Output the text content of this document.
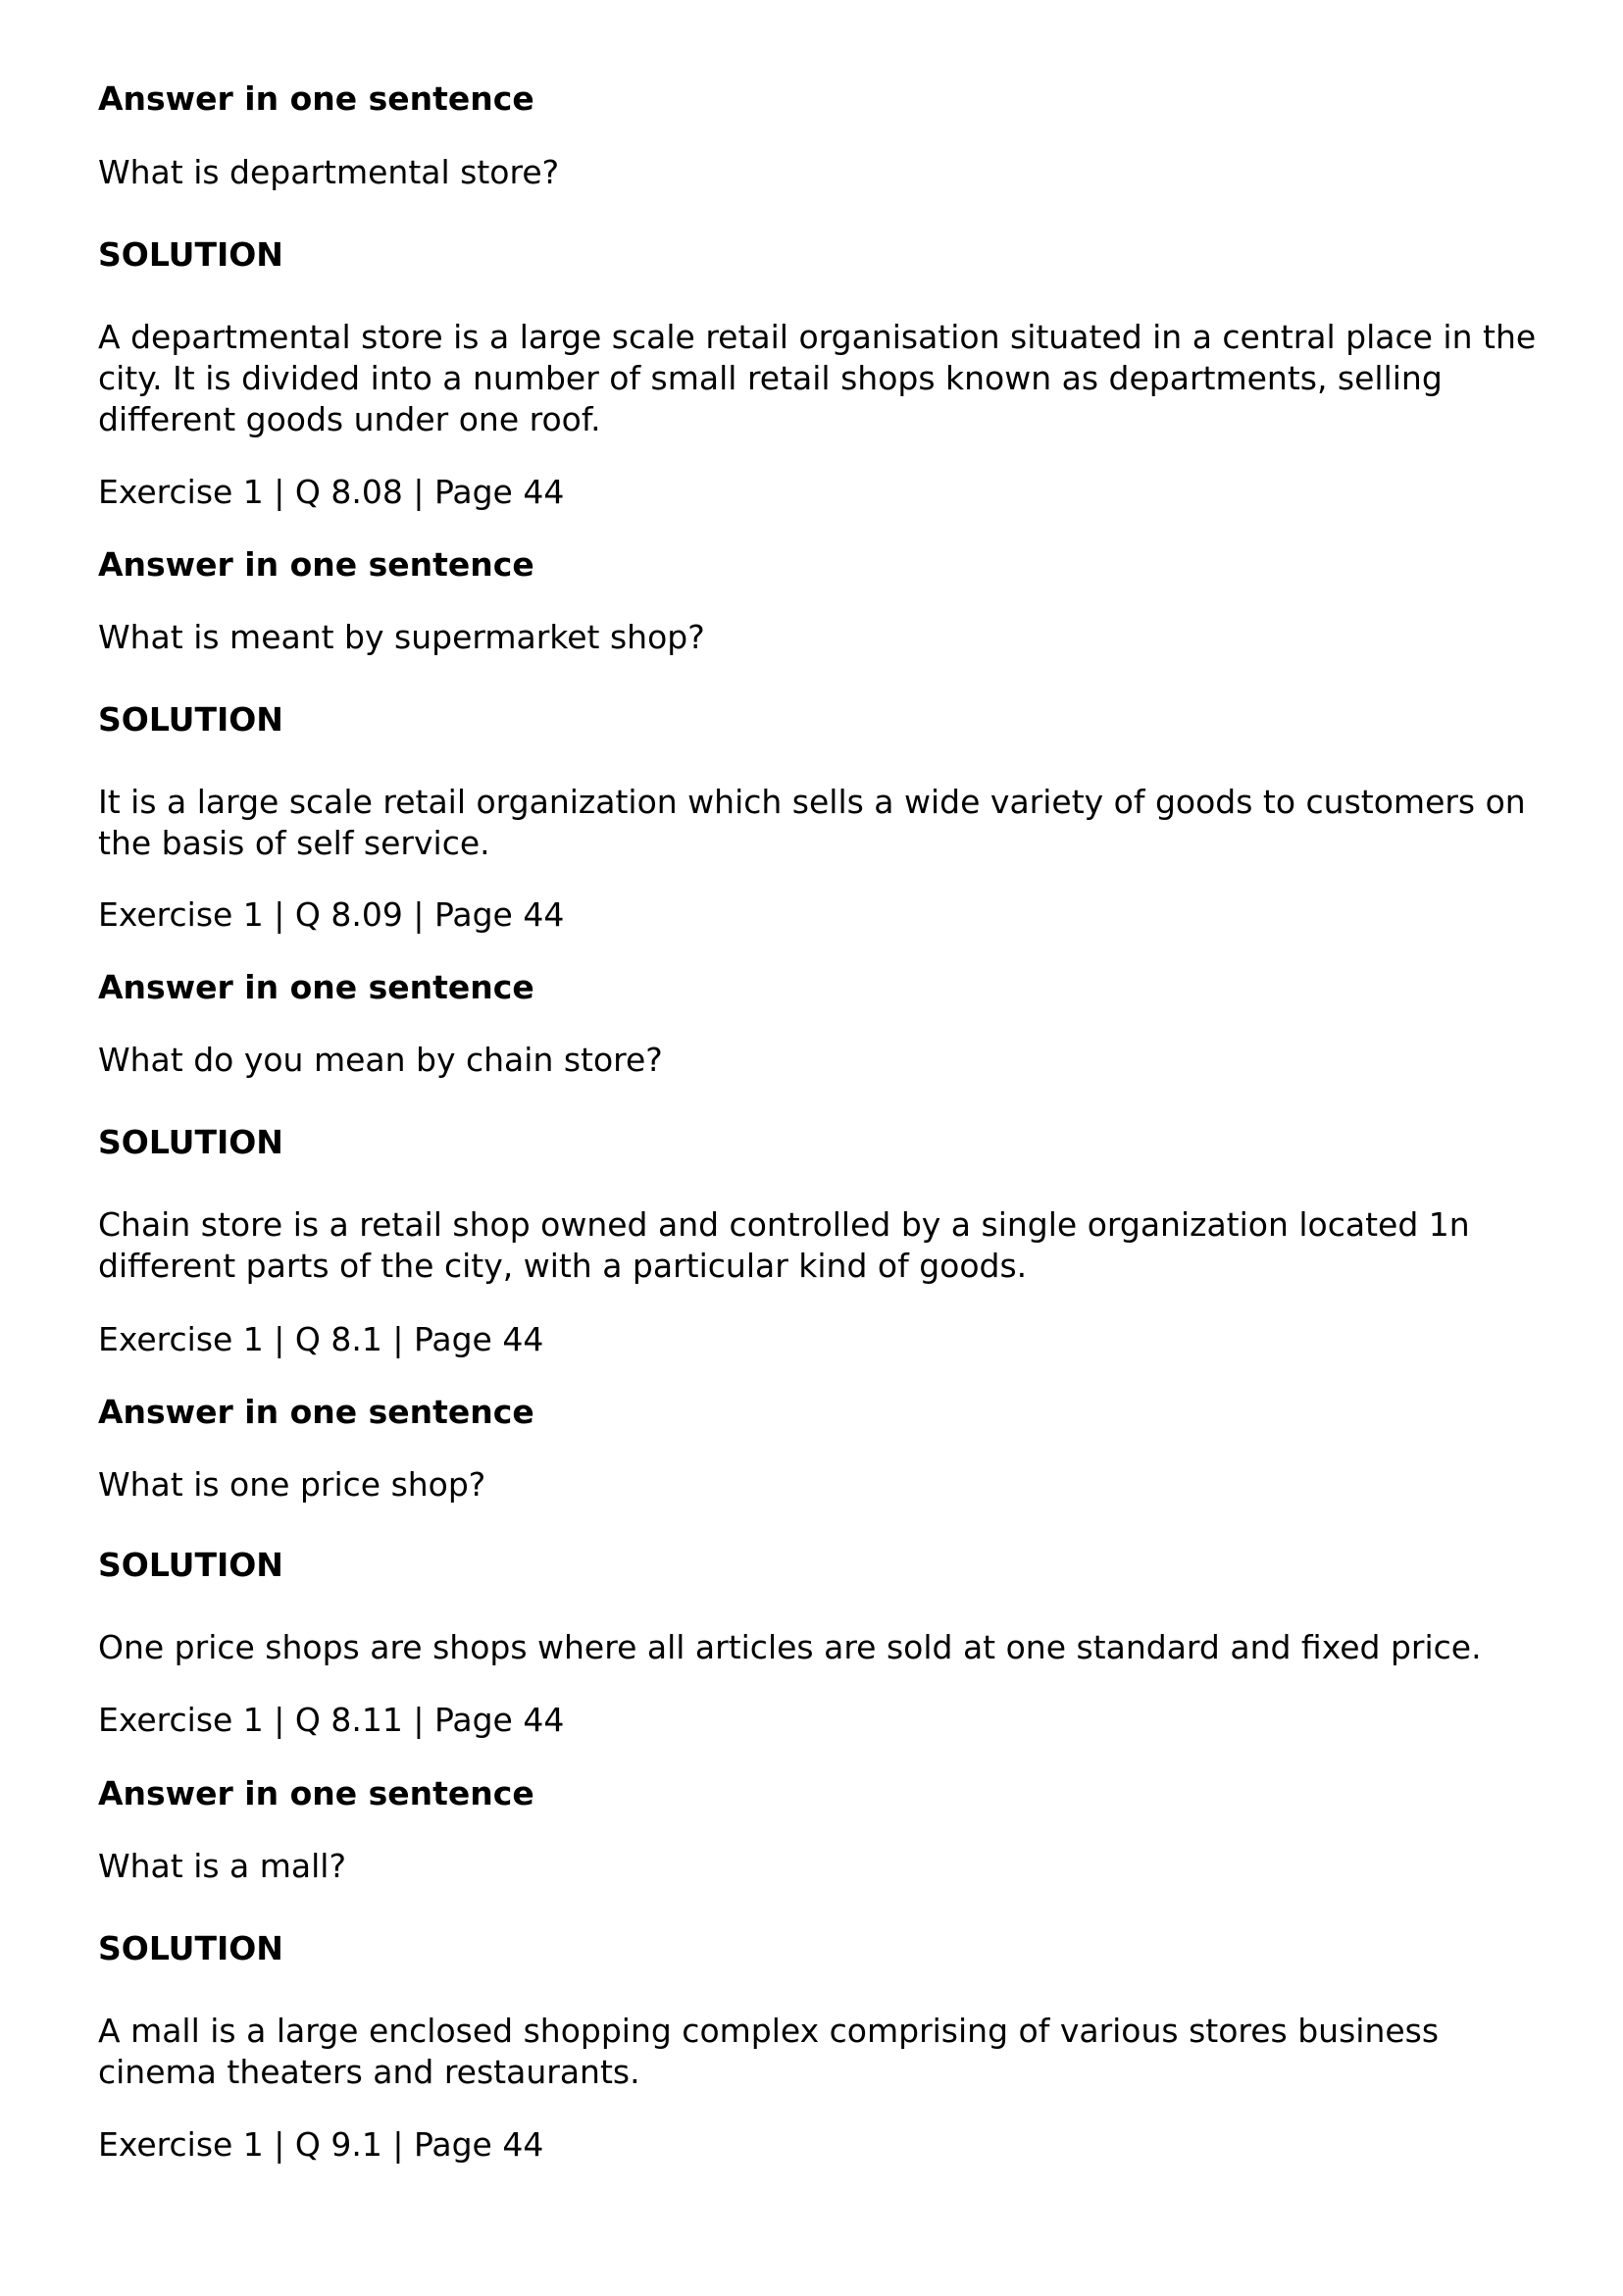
Answer in one sentence
What is departmental store?
SOLUTION
A departmental store is a large scale retail organisation situated in a central place in the
city. It is divided into a number of small retail shops known as departments, selling
different goods under one roof.
Exercise 1 | Q 8.08 | Page 44
Answer in one sentence
What is meant by supermarket shop?
SOLUTION
It is a large scale retail organization which sells a wide variety of goods to customers on
the basis of self service.
Exercise 1 | Q 8.09 | Page 44
Answer in one sentence
What do you mean by chain store?
SOLUTION
Chain store is a retail shop owned and controlled by a single organization located 1n
different parts of the city, with a particular kind of goods.
Exercise 1 | Q 8.1 | Page 44
Answer in one sentence
What is one price shop?
SOLUTION
One price shops are shops where all articles are sold at one standard and fixed price.
Exercise 1 | Q 8.11 | Page 44
Answer in one sentence
What is a mall?
SOLUTION
A mall is a large enclosed shopping complex comprising of various stores business
cinema theaters and restaurants.
Exercise 1 | Q 9.1 | Page 44
